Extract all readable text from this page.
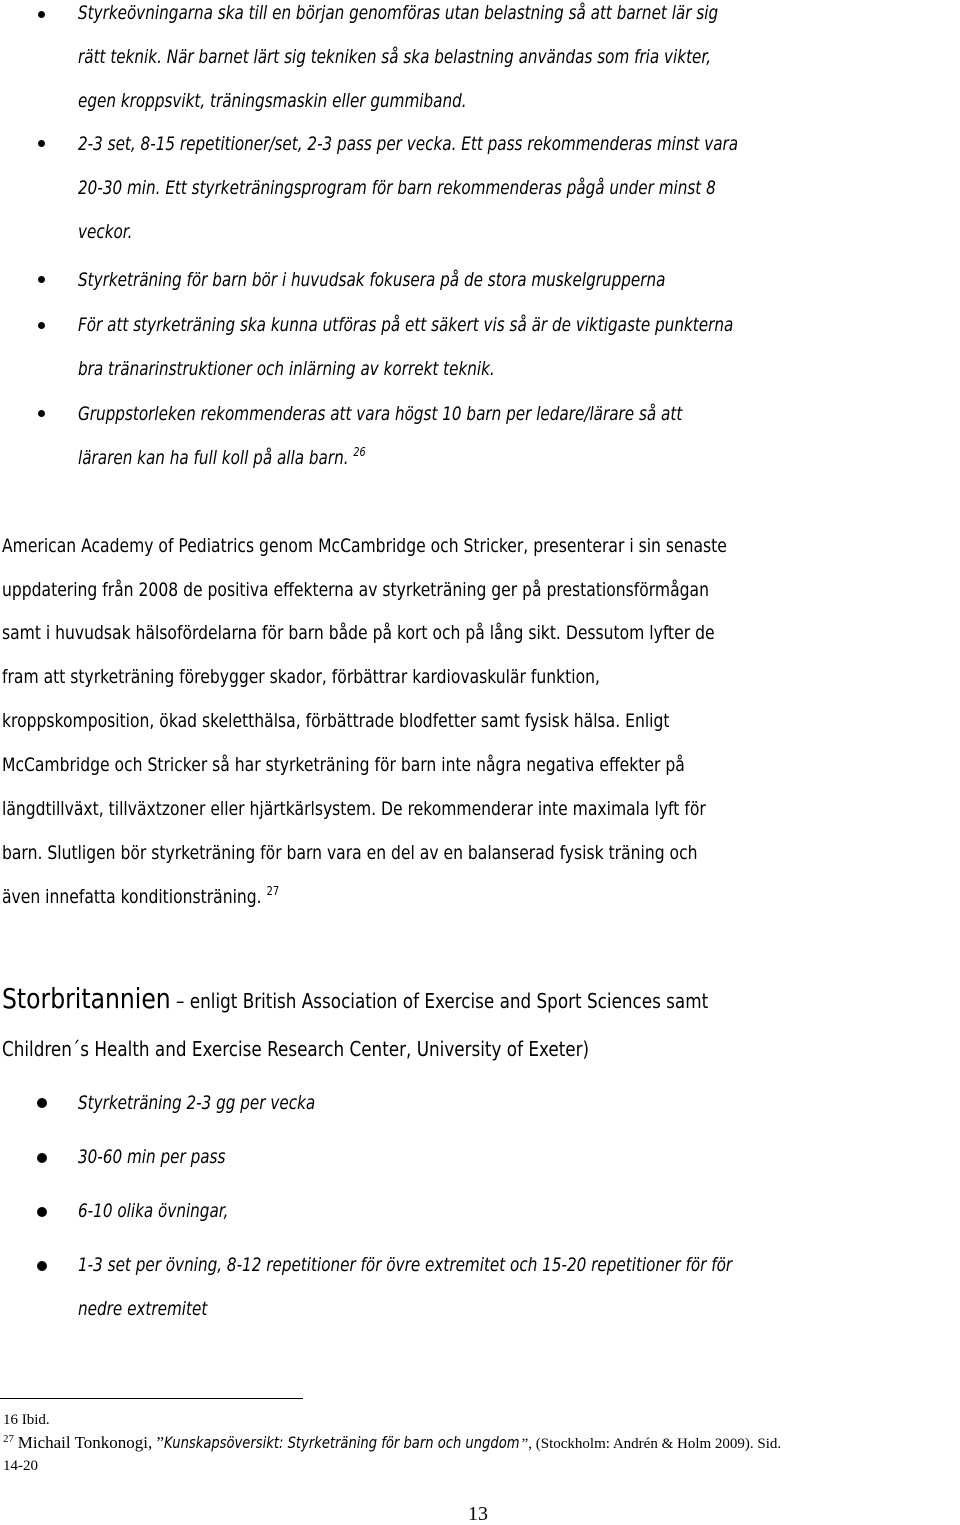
Styrkeövningarna ska till en början genomföras utan belastning så att barnet lär sig
rätt teknik. När barnet lärt sig tekniken så ska belastning användas som fria vikter,
egen kroppsvikt, träningsmaskin eller gummiband.
2-3 set, 8-15 repetitioner/set, 2-3 pass per vecka. Ett pass rekommenderas minst vara
20-30 min. Ett styrketräningsprogram för barn rekommenderas pågå under minst 8
veckor.
Styrketräning för barn bör i huvudsak fokusera på de stora muskelgrupperna
För att styrketräning ska kunna utföras på ett säkert vis så är de viktigaste punkterna
bra tränarinstruktioner och inlärning av korrekt teknik.
Gruppstorleken rekommenderas att vara högst 10 barn per ledare/lärare så att
läraren kan ha full koll på alla barn. $^{26}$
American Academy of Pediatrics genom McCambridge och Stricker, presenterar i sin senaste
uppdatering från 2008 de positiva effekterna av styrketräning ger på prestationsförmågan
samt i huvudsak hälsofördelarna för barn både på kort och på lång sikt. Dessutom lyfter de
fram att styrketräning förebygger skador, förbättrar kardiovaskulär funktion,
kroppskomposition, ökad skeletthälsa, förbättrade blodfetter samt fysisk hälsa. Enligt
McCambridge och Stricker så har styrketräning för barn inte några negativa effekter på
längdtillväxt, tillväxtzoner eller hjärtkärlsystem. De rekommenderar inte maximala lyft för
barn. Slutligen bör styrketräning för barn vara en del av en balanserad fysisk träning och
även innefatta konditionsträning. $^{27}$
Storbritannien – enligt British Association of Exercise and Sport Sciences samt
Children´s Health and Exercise Research Center, University of Exeter)
Styrketräning 2-3 gg per vecka
30-60 min per pass
6-10 olika övningar,
1-3 set per övning, 8-12 repetitioner för övre extremitet och 15-20 repetitioner för för
nedre extremitet
16 Ibid.
$^{27}$ Michail Tonkonogi, ”Kunskapsöversikt: Styrketräning för barn och ungdom ”, (Stockholm: Andrén & Holm 2009). Sid.
14-20
13
